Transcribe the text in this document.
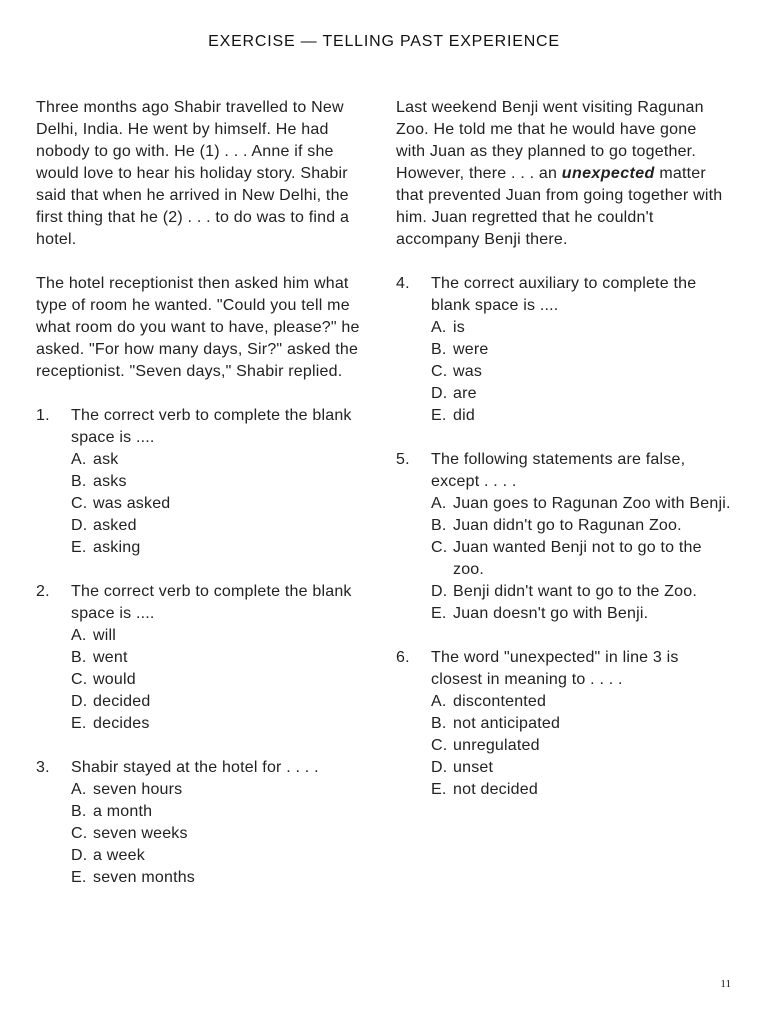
EXERCISE — TELLING PAST EXPERIENCE
Three months ago Shabir travelled to New
Delhi, India. He went by himself. He had
nobody to go with. He (1) . . . Anne if she
would love to hear his holiday story. Shabir
said that when he arrived in New Delhi, the
first thing that he (2) . . . to do was to find a
hotel.
The hotel receptionist then asked him what
type of room he wanted. "Could you tell me
what room do you want to have, please?" he
asked. "For how many days, Sir?" asked the
receptionist. "Seven days," Shabir replied.
1.	The correct verb to complete the blank
space is ....
A. ask
B. asks
C. was asked
D. asked
E. asking
2.	The correct verb to complete the blank
space is ....
A. will
B. went
C. would
D. decided
E. decides
3.	Shabir stayed at the hotel for . . . .
A. seven hours
B. a month
C. seven weeks
D. a week
E. seven months
Last weekend Benji went visiting Ragunan
Zoo. He told me that he would have gone
with Juan as they planned to go together.
However, there . . . an unexpected matter
that prevented Juan from going together with
him. Juan regretted that he couldn't
accompany Benji there.
4.	The correct auxiliary to complete the
blank space is ....
A. is
B. were
C. was
D. are
E. did
5.	The following statements are false,
except . . . .
A. Juan goes to Ragunan Zoo with Benji.
B. Juan didn't go to Ragunan Zoo.
C. Juan wanted Benji not to go to the
zoo.
D. Benji didn't want to go to the Zoo.
E. Juan doesn't go with Benji.
6.	The word "unexpected" in line 3 is
closest in meaning to . . . .
A. discontented
B. not anticipated
C. unregulated
D. unset
E. not decided
11
